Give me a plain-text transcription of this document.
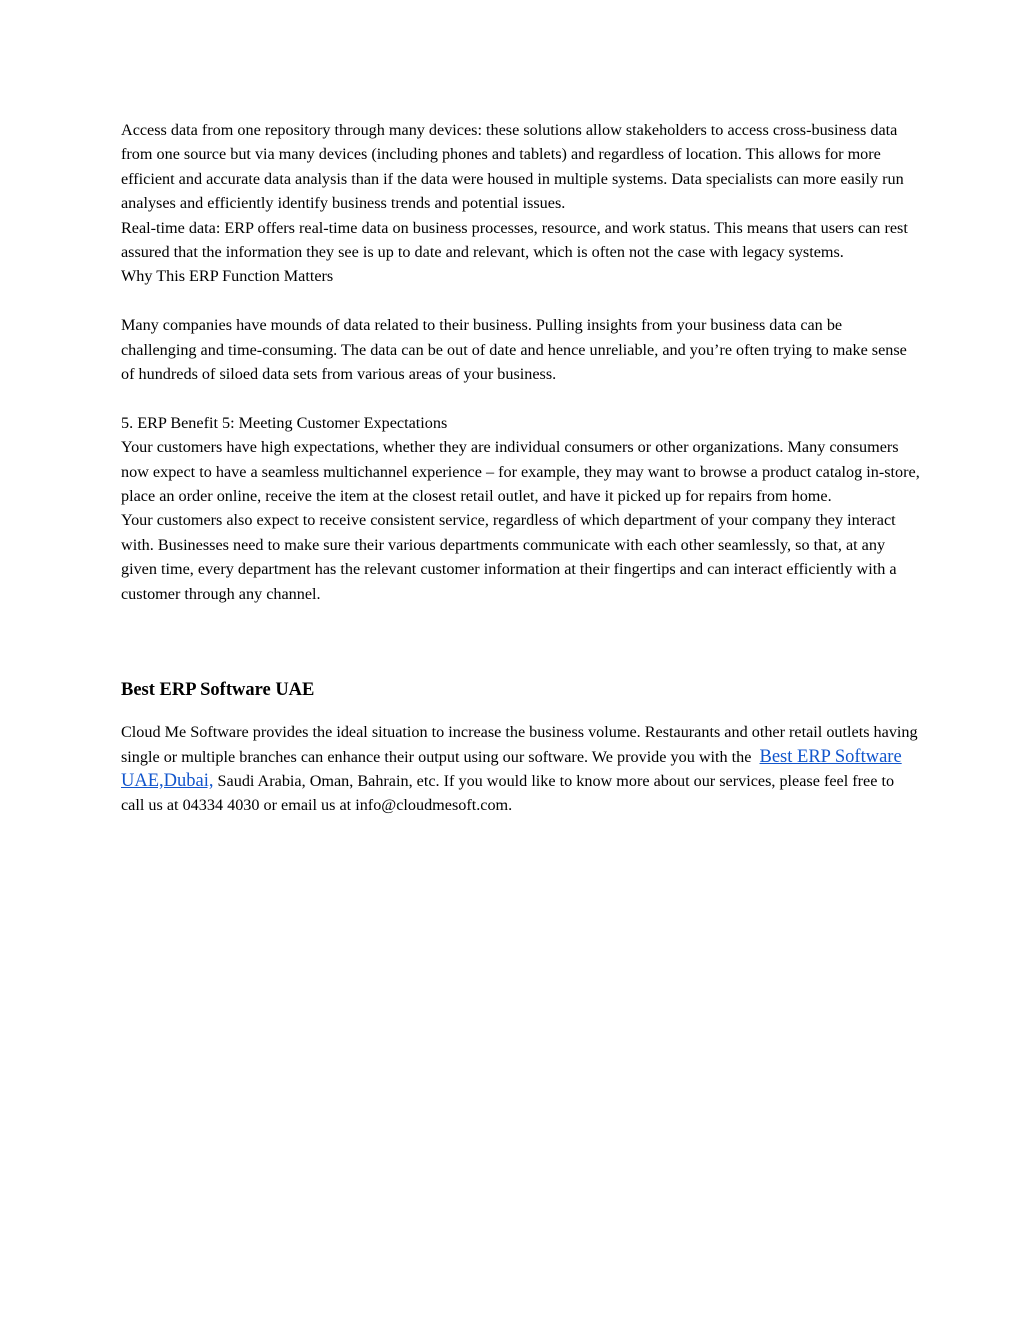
Access data from one repository through many devices: these solutions allow stakeholders to access cross-business data from one source but via many devices (including phones and tablets) and regardless of location. This allows for more efficient and accurate data analysis than if the data were housed in multiple systems. Data specialists can more easily run analyses and efficiently identify business trends and potential issues.

Real-time data: ERP offers real-time data on business processes, resource, and work status. This means that users can rest assured that the information they see is up to date and relevant, which is often not the case with legacy systems.

Why This ERP Function Matters

Many companies have mounds of data related to their business. Pulling insights from your business data can be challenging and time-consuming. The data can be out of date and hence unreliable, and you’re often trying to make sense of hundreds of siloed data sets from various areas of your business.

5. ERP Benefit 5: Meeting Customer Expectations

Your customers have high expectations, whether they are individual consumers or other organizations. Many consumers now expect to have a seamless multichannel experience – for example, they may want to browse a product catalog in-store, place an order online, receive the item at the closest retail outlet, and have it picked up for repairs from home.

Your customers also expect to receive consistent service, regardless of which department of your company they interact with. Businesses need to make sure their various departments communicate with each other seamlessly, so that, at any given time, every department has the relevant customer information at their fingertips and can interact efficiently with a customer through any channel.

Best ERP Software UAE

Cloud Me Software provides the ideal situation to increase the business volume. Restaurants and other retail outlets having single or multiple branches can enhance their output using our software. We provide you with the Best ERP Software UAE,Dubai, Saudi Arabia, Oman, Bahrain, etc. If you would like to know more about our services, please feel free to call us at 04334 4030 or email us at info@cloudmesoft.com.
